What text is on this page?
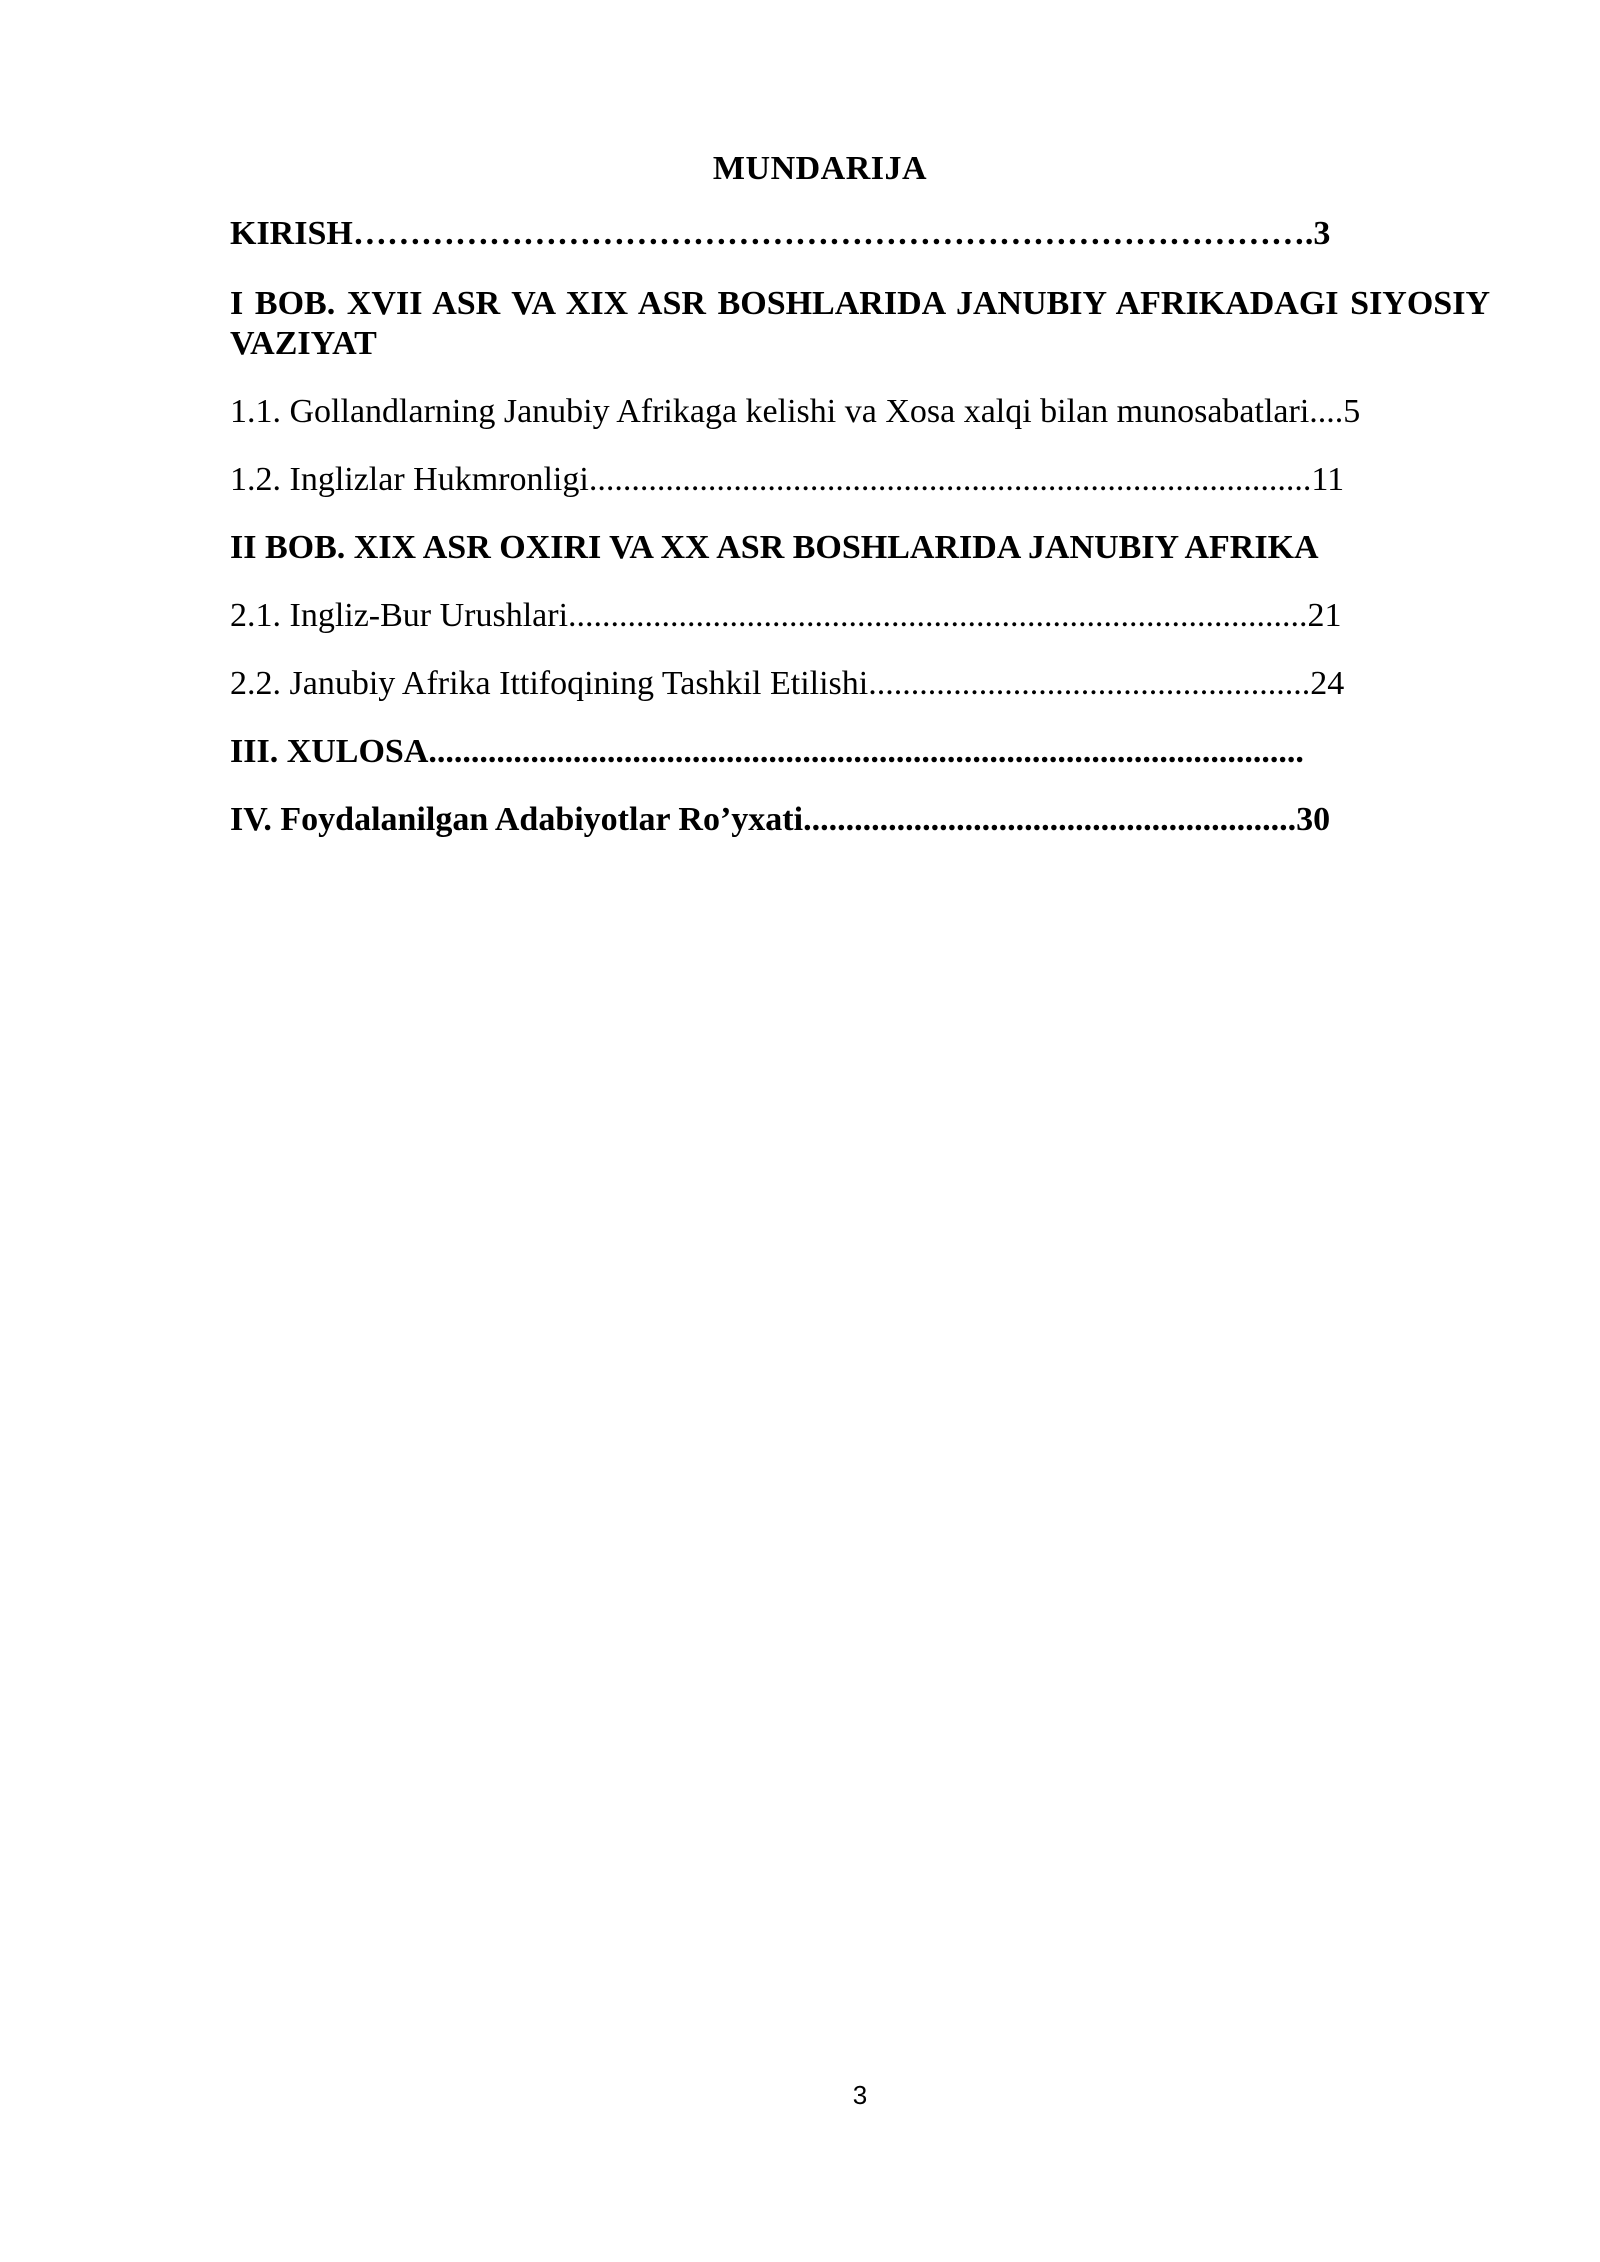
MUNDARIJA
KIRISH………………………………………………………………………….3
I BOB. XVII ASR VA XIX ASR BOSHLARIDA JANUBIY AFRIKADAGI SIYOSIY VAZIYAT
1.1. Gollandlarning Janubiy Afrikaga kelishi va Xosa xalqi bilan munosabatlari....5
1.2. Inglizlar Hukmronligi.....................................................................................11
II BOB. XIX ASR OXIRI VA XX ASR BOSHLARIDA JANUBIY AFRIKA
2.1. Ingliz-Bur Urushlari.......................................................................................21
2.2. Janubiy Afrika Ittifoqining Tashkil Etilishi....................................................24
III. XULOSA.......................................................................................................
IV. Foydalanilgan Adabiyotlar Ro’yxati..........................................................30
3
